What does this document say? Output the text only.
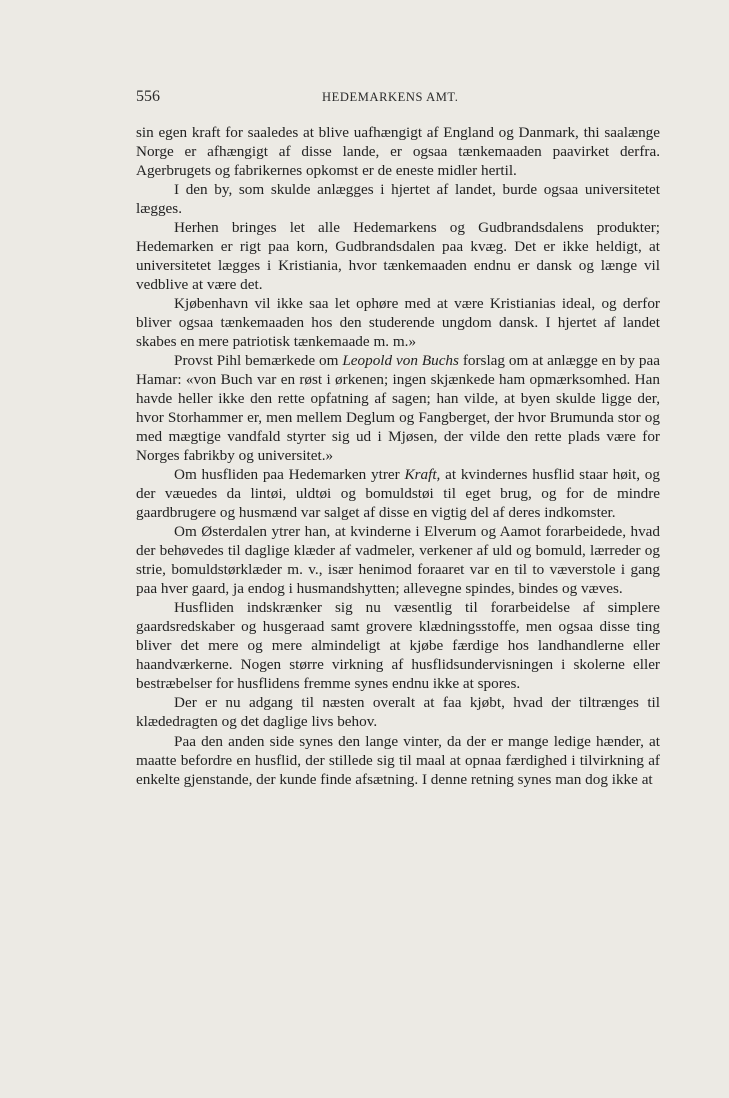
556	HEDEMARKENS AMT.

sin egen kraft for saaledes at blive uafhængigt af England og Danmark, thi saalænge Norge er afhængigt af disse lande, er ogsaa tænkemaaden paavirket derfra. Agerbrugets og fabrikernes opkomst er de eneste midler hertil.

I den by, som skulde anlægges i hjertet af landet, burde ogsaa universitetet lægges.

Herhen bringes let alle Hedemarkens og Gudbrandsdalens produkter; Hedemarken er rigt paa korn, Gudbrandsdalen paa kvæg. Det er ikke heldigt, at universitetet lægges i Kristiania, hvor tænkemaaden endnu er dansk og længe vil vedblive at være det.

Kjøbenhavn vil ikke saa let ophøre med at være Kristianias ideal, og derfor bliver ogsaa tænkemaaden hos den studerende ungdom dansk. I hjertet af landet skabes en mere patriotisk tænkemaade m. m.»

Provst Pihl bemærkede om Leopold von Buchs forslag om at anlægge en by paa Hamar: «von Buch var en røst i ørkenen; ingen skjænkede ham opmærksomhed. Han havde heller ikke den rette opfatning af sagen; han vilde, at byen skulde ligge der, hvor Storhammer er, men mellem Deglum og Fangberget, der hvor Brumunda stor og med mægtige vandfald styrter sig ud i Mjøsen, der vilde den rette plads være for Norges fabrikby og universitet.»

Om husfliden paa Hedemarken ytrer Kraft, at kvindernes husflid staar høit, og der væuedes da lintøi, uldtøi og bomuldstøi til eget brug, og for de mindre gaardbrugere og husmænd var salget af disse en vigtig del af deres indkomster.

Om Østerdalen ytrer han, at kvinderne i Elverum og Aamot forarbeidede, hvad der behøvedes til daglige klæder af vadmeler, verkener af uld og bomuld, lærreder og strie, bomuldstørklæder m. v., især henimod foraaret var en til to væverstole i gang paa hver gaard, ja endog i husmandshytten; allevegne spindes, bindes og væves.

Husfliden indskrænker sig nu væsentlig til forarbeidelse af simplere gaardsredskaber og husgeraad samt grovere klædningsstoffe, men ogsaa disse ting bliver det mere og mere almindeligt at kjøbe færdige hos landhandlerne eller haandværkerne. Nogen større virkning af husflidsundervisningen i skolerne eller bestræbelser for husflidens fremme synes endnu ikke at spores.

Der er nu adgang til næsten overalt at faa kjøbt, hvad der tiltrænges til klædedragten og det daglige livs behov.

Paa den anden side synes den lange vinter, da der er mange ledige hænder, at maatte befordre en husflid, der stillede sig til maal at opnaa færdighed i tilvirkning af enkelte gjenstande, der kunde finde afsætning. I denne retning synes man dog ikke at
